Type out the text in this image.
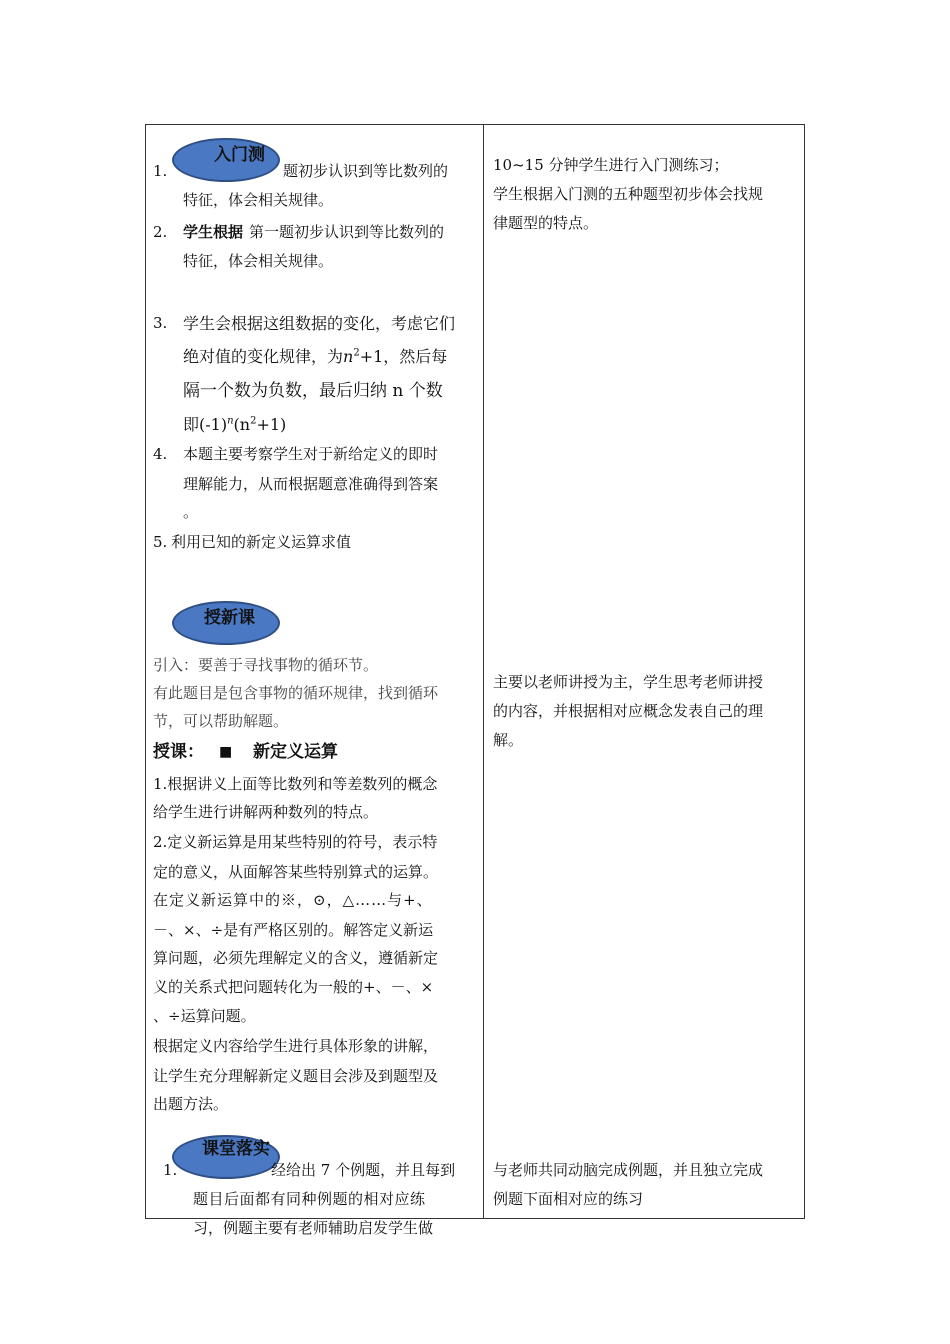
入门测
1.	题初步认识到等比数列的
特征，体会相关规律。
2. 学生根据 第一题初步认识到等比数列的
特征，体会相关规律。
3. 学生会根据这组数据的变化，考虑它们
绝对值的变化规律，为$n^2+1$，然后每
隔一个数为负数，最后归纳 n 个数
即$(-1)^n(n^2+1)$
4. 本题主要考察学生对于新给定义的即时
理解能力，从而根据题意准确得到答案
。
5. 利用已知的新定义运算求值
10~15 分钟学生进行入门测练习；
学生根据入门测的五种题型初步体会找规
律题型的特点。
授新课
引入：要善于寻找事物的循环节。
有此题目是包含事物的循环规律，找到循环
节，可以帮助解题。
授课： ■ 新定义运算
1.根据讲义上面等比数列和等差数列的概念
给学生进行讲解两种数列的特点。
2.定义新运算是用某些特别的符号，表示特
定的意义，从面解答某些特别算式的运算。
在定义新运算中的※，⊙，△……与+、
－、×、÷是有严格区别的。解答定义新运
算问题，必须先理解定义的含义，遵循新定
义的关系式把问题转化为一般的+、－、×
、÷运算问题。
根据定义内容给学生进行具体形象的讲解，
让学生充分理解新定义题目会涉及到题型及
出题方法。
主要以老师讲授为主，学生思考老师讲授
的内容，并根据相对应概念发表自己的理
解。
课堂落实
1.	经给出 7 个例题，并且每到
题目后面都有同种例题的相对应练
习，例题主要有老师辅助启发学生做
与老师共同动脑完成例题，并且独立完成
例题下面相对应的练习
